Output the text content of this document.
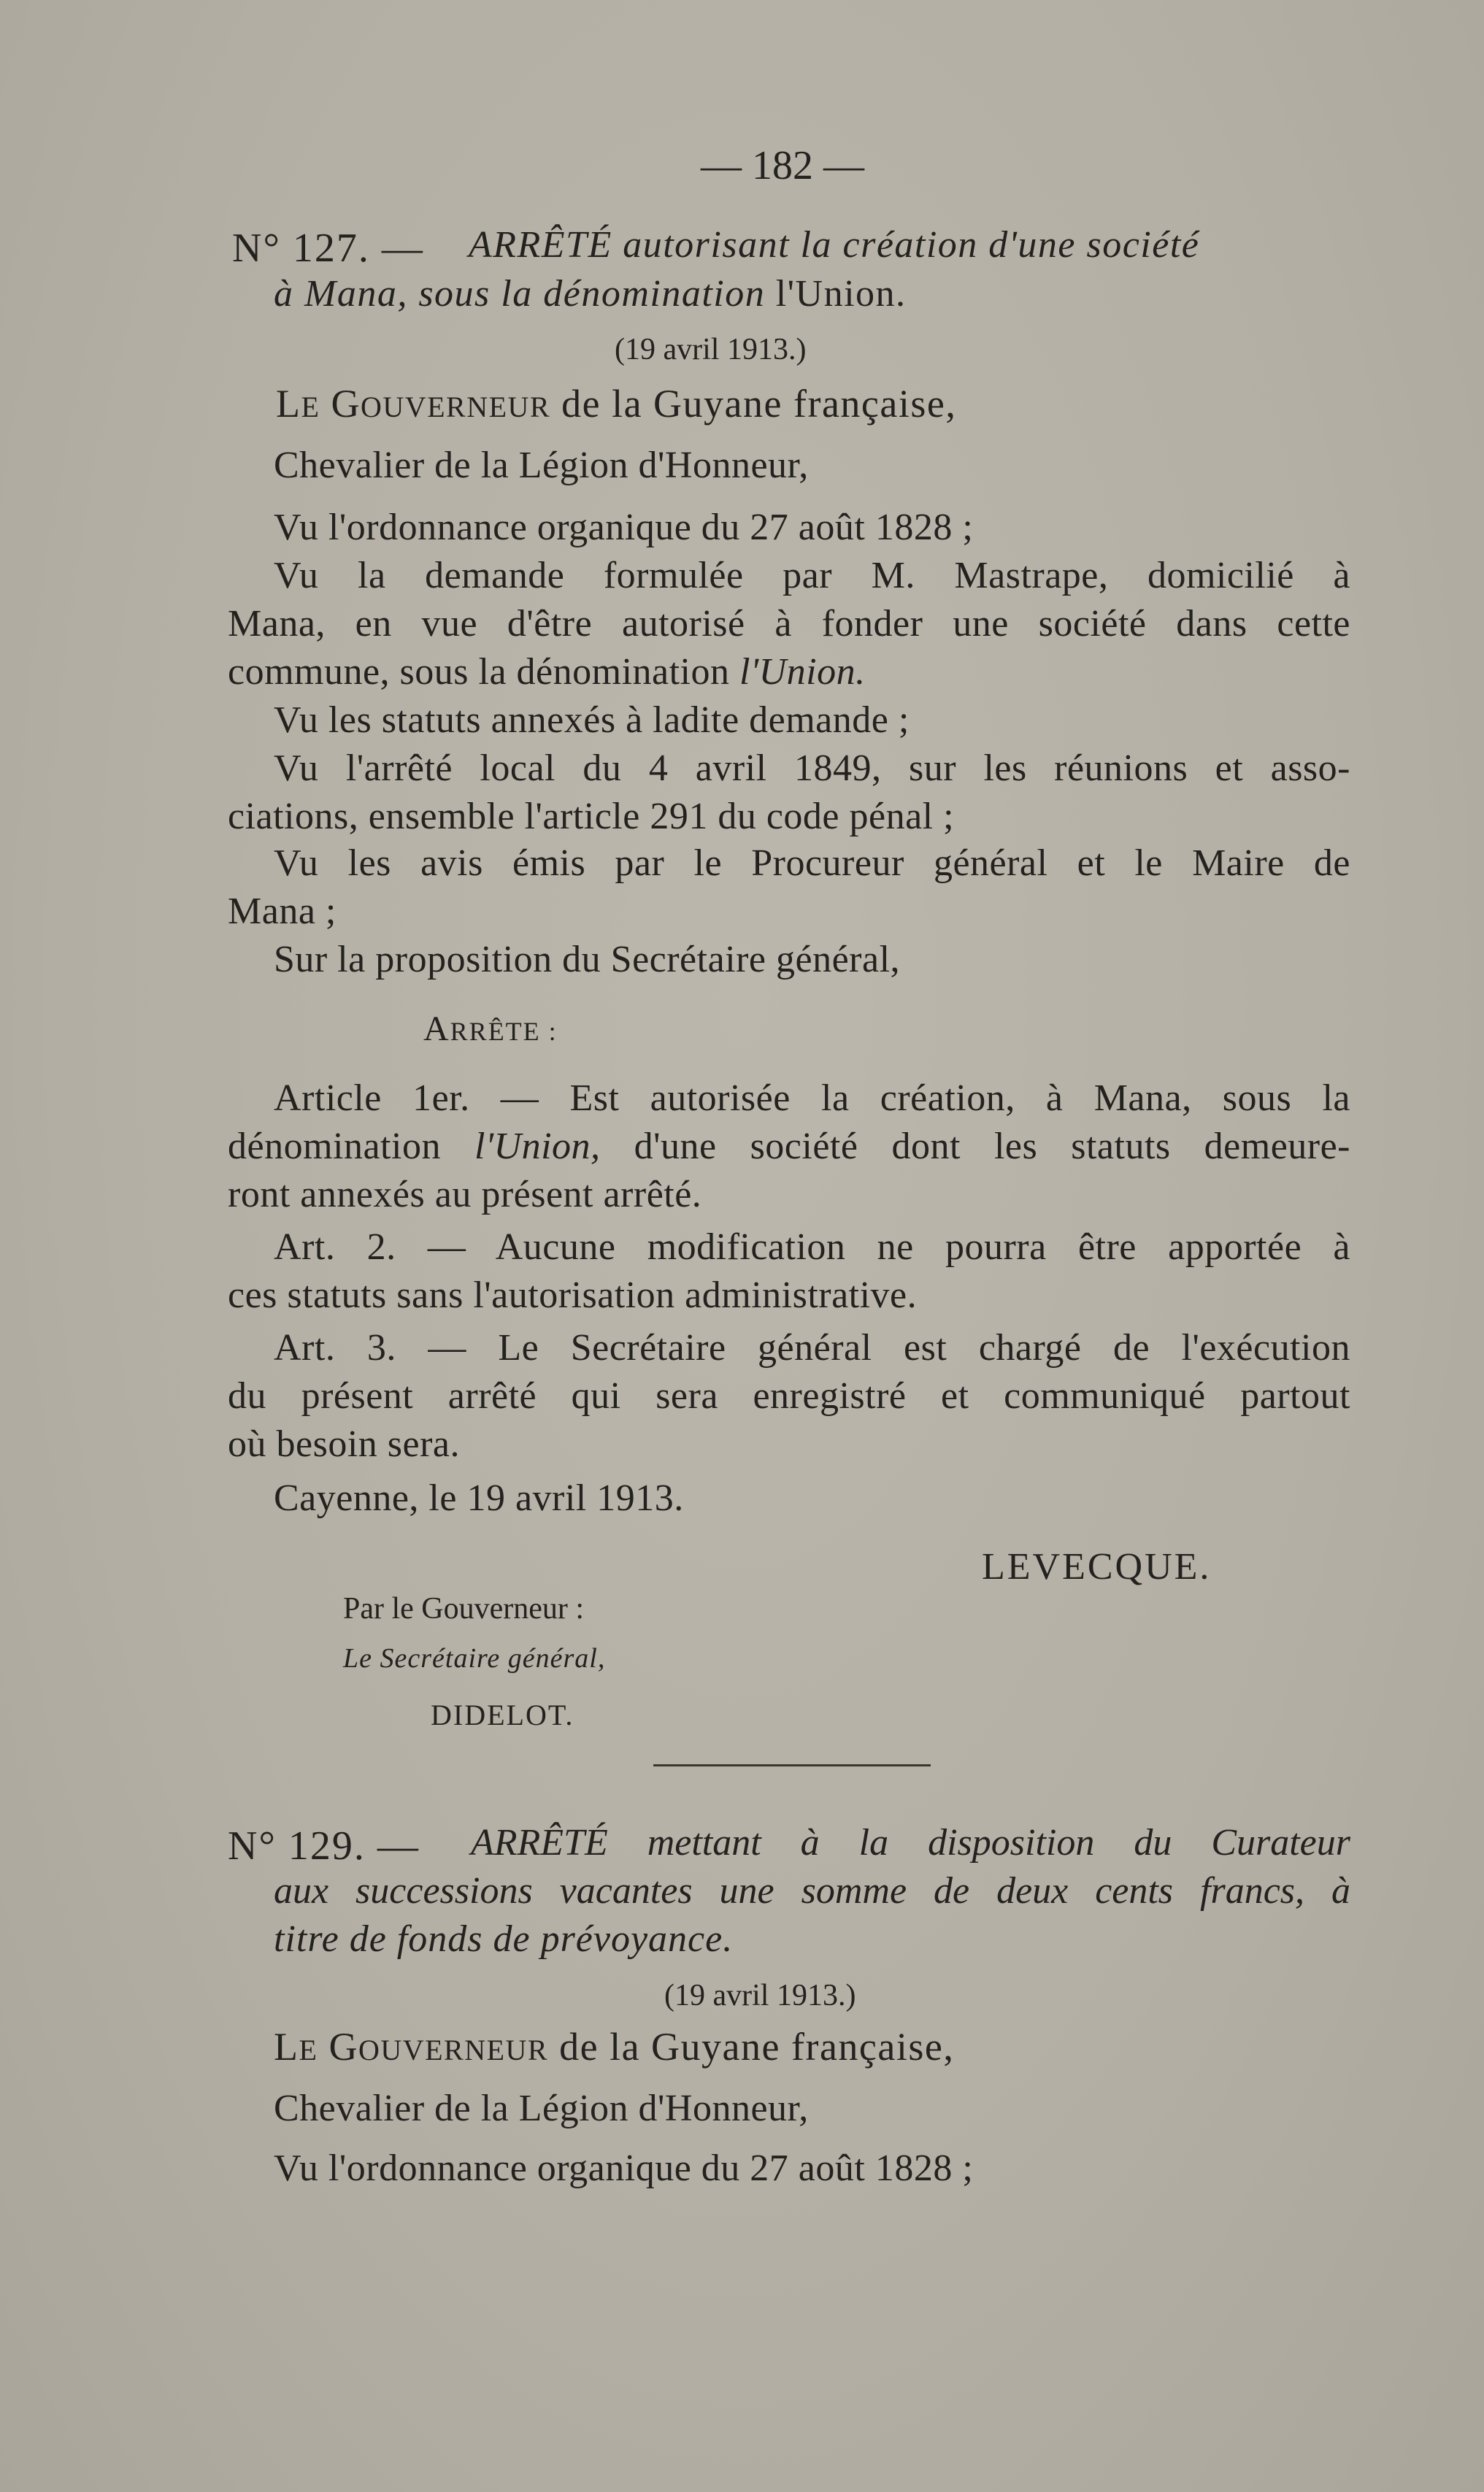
— 182 —
N° 127. — ARRÊTÉ autorisant la création d'une société
à Mana, sous la dénomination l'Union.
(19 avril 1913.)
LE GOUVERNEUR de la Guyane française,
Chevalier de la Légion d'Honneur,
Vu l'ordonnance organique du 27 août 1828 ;
Vu la demande formulée par M. Mastrape, domicilié à
Mana, en vue d'être autorisé à fonder une société dans cette
commune, sous la dénomination l'Union.
Vu les statuts annexés à ladite demande ;
Vu l'arrêté local du 4 avril 1849, sur les réunions et asso-
ciations, ensemble l'article 291 du code pénal ;
Vu les avis émis par le Procureur général et le Maire de
Mana ;
Sur la proposition du Secrétaire général,
ARRÊTE :
Article 1er. — Est autorisée la création, à Mana, sous la
dénomination l'Union, d'une société dont les statuts demeure-
ront annexés au présent arrêté.
Art. 2. — Aucune modification ne pourra être apportée à
ces statuts sans l'autorisation administrative.
Art. 3. — Le Secrétaire général est chargé de l'exécution
du présent arrêté qui sera enregistré et communiqué partout
où besoin sera.
Cayenne, le 19 avril 1913.
LEVECQUE.
Par le Gouverneur :
Le Secrétaire général,
DIDELOT.
N° 129. — ARRÊTÉ mettant à la disposition du Curateur
aux successions vacantes une somme de deux cents francs, à
titre de fonds de prévoyance.
(19 avril 1913.)
LE GOUVERNEUR de la Guyane française,
Chevalier de la Légion d'Honneur,
Vu l'ordonnance organique du 27 août 1828 ;
